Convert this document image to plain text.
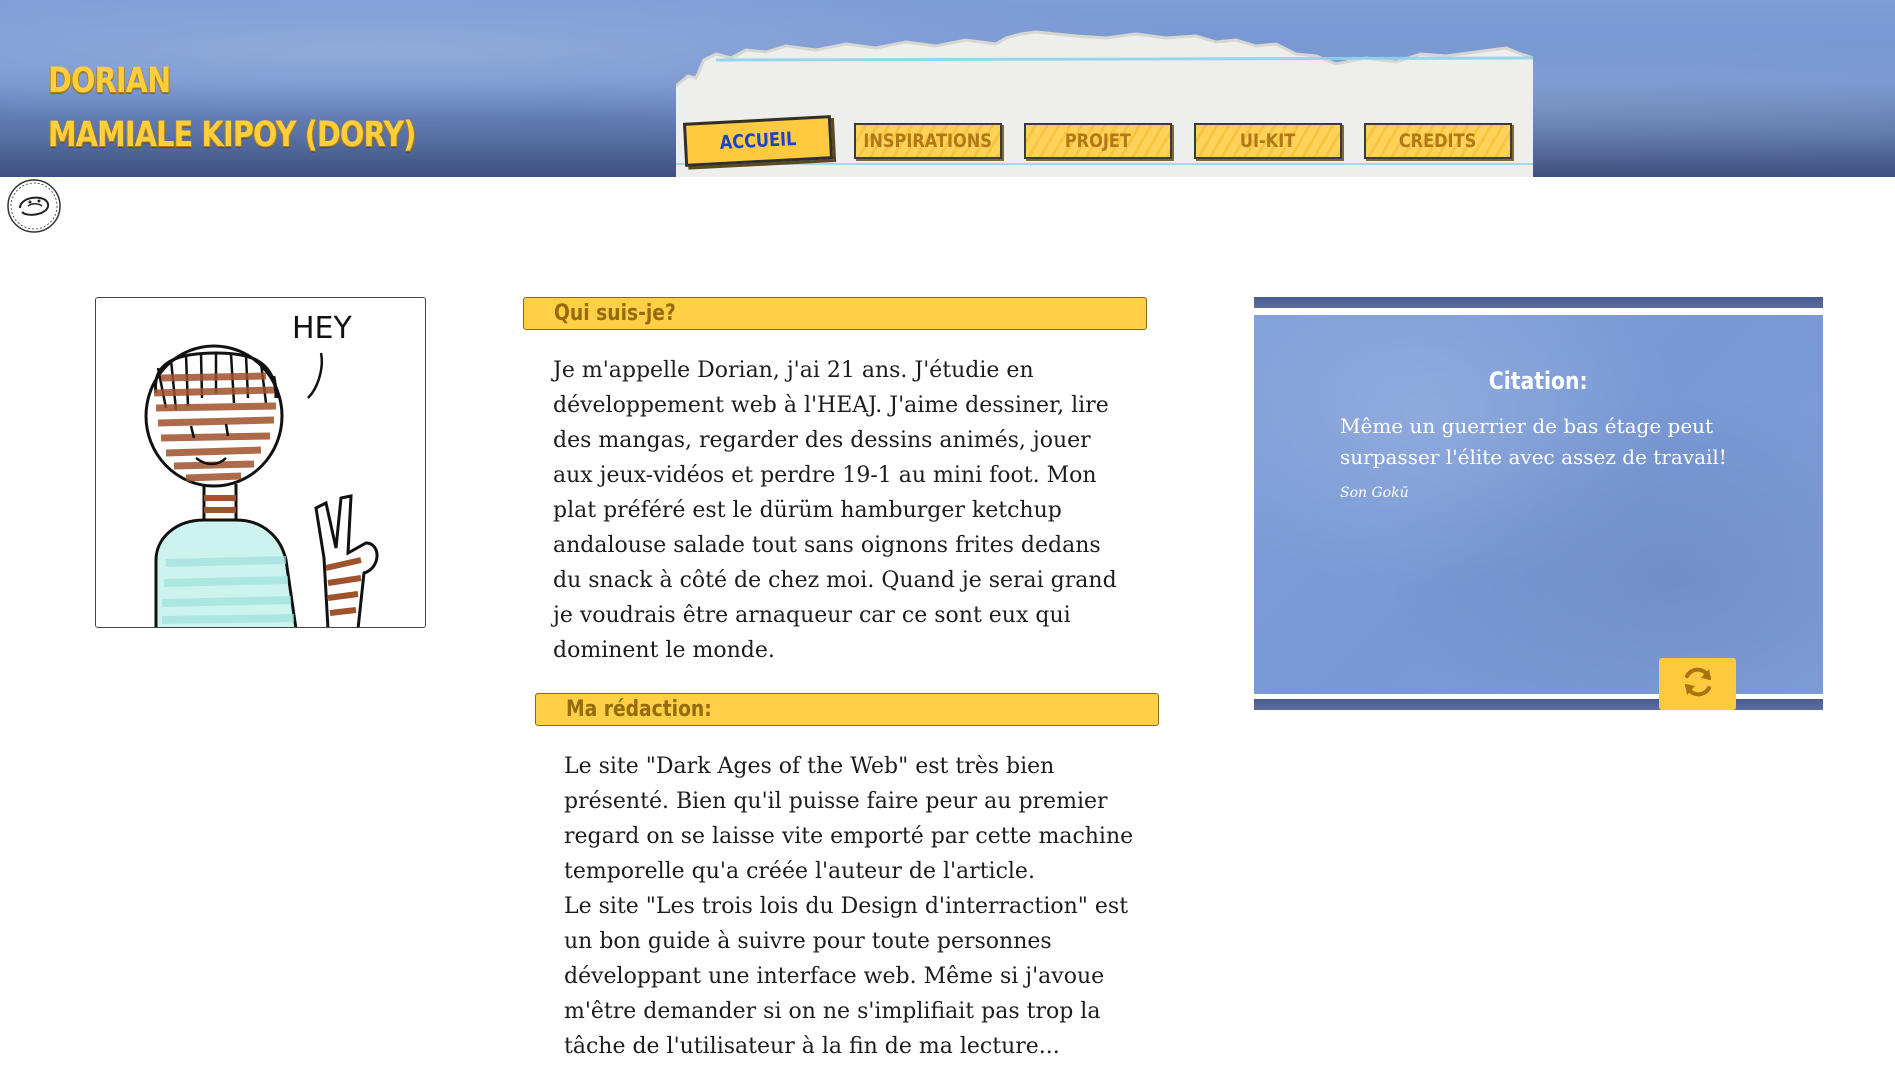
DORIAN
MAMIALE KIPOY (DORY)	ACCUEIL	INSPIRATIONS	PROJET	UI-KIT	CREDITS
HEY	Qui suis-je?

Je m'appelle Dorian, j'ai 21 ans. J'étudie en développement web à l'HEAJ. J'aime dessiner, lire des mangas, regarder des dessins animés, jouer aux jeux-vidéos et perdre 19-1 au mini foot. Mon plat préféré est le dürüm hamburger ketchup andalouse salade tout sans oignons frites dedans du snack à côté de chez moi. Quand je serai grand je voudrais être arnaqueur car ce sont eux qui dominent le monde.

Ma rédaction:

Le site "Dark Ages of the Web" est très bien présenté. Bien qu'il puisse faire peur au premier regard on se laisse vite emporté par cette machine temporelle qu'a créée l'auteur de l'article.

Le site "Les trois lois du Design d'interraction" est un bon guide à suivre pour toute personnes développant une interface web. Même si j'avoue m'être demander si on ne s'implifiait pas trop la tâche de l'utilisateur à la fin de ma lecture...

Citation:
Même un guerrier de bas étage peut surpasser l'élite avec assez de travail!
Son Gokū
